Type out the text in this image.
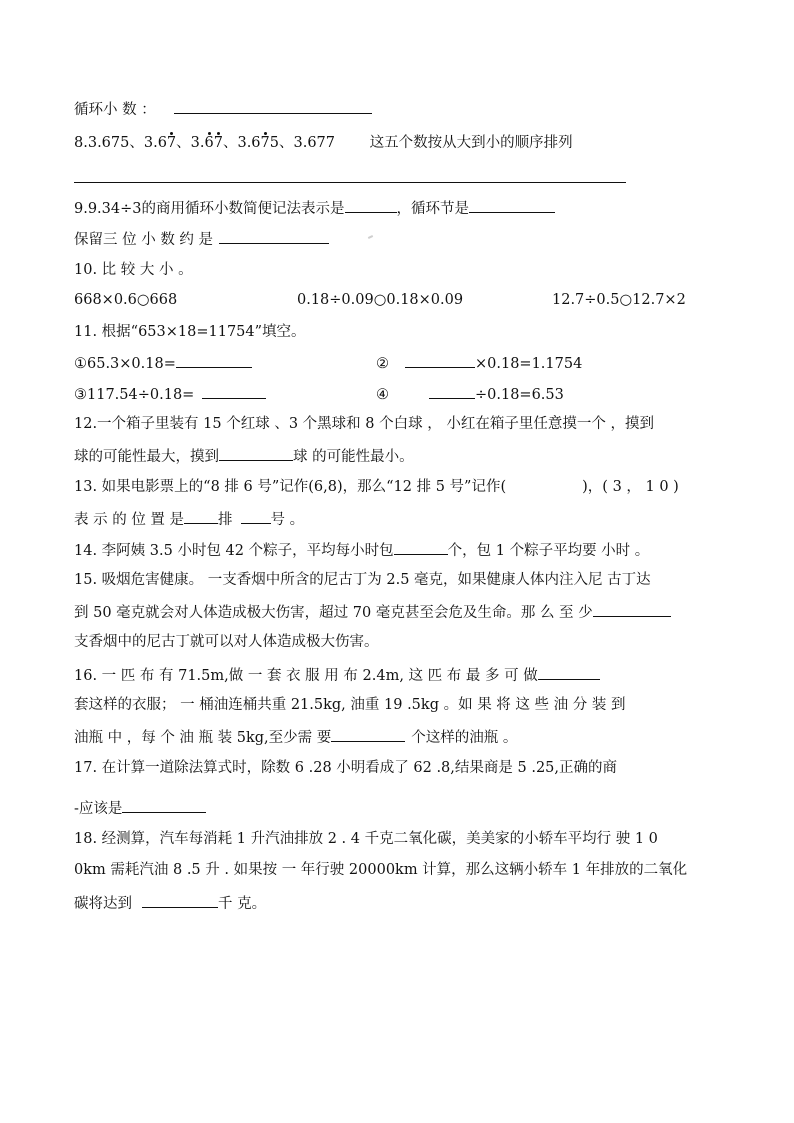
循环小 数 ：
8.3.675、3.67、3.67、3.675、3.677 这五个数按从大到小的顺序排列
9.9.34÷3的商用循环小数简便记法表示是	，循环节是
保留三 位 小 数 约 是
10. 比 较 大 小 。
668×0.6○668	0.18÷0.09○0.18×0.09	12.7÷0.5○12.7×2
11. 根据“653×18=11754”填空。
①65.3×0.18=	②	×0.18=1.1754
③117.54÷0.18=	④	÷0.18=6.53
12.一个箱子里装有 15 个红球 、3 个黑球和 8 个白球 ， 小红在箱子里任意摸一个 ，摸到
球的可能性最大，摸到	球 的可能性最小。
13. 如果电影票上的“8 排 6 号”记作(6,8)，那么“12 排 5 号”记作(	)，( 3 ， 1 0 )
表 示 的 位 置 是 排	号 。
14. 李阿姨 3.5 小时包 42 个粽子，平均每小时包	个，包 1 个粽子平均要 小时 。
15. 吸烟危害健康。 一支香烟中所含的尼古丁为 2.5 毫克，如果健康人体内注入尼 古丁达
到 50 毫克就会对人体造成极大伤害，超过 70 毫克甚至会危及生命。那 么 至 少
支香烟中的尼古丁就可以对人体造成极大伤害。
16. 一 匹 布 有 71.5m,做 一 套 衣 服 用 布 2.4m, 这 匹 布 最 多 可 做
套这样的衣服； 一 桶油连桶共重 21.5kg, 油重 19 .5kg 。如 果 将 这 些 油 分 装 到
油瓶 中 ，每 个 油 瓶 装 5kg,至少需 要	个这样的油瓶 。
17. 在计算一道除法算式时，除数 6 .28 小明看成了 62 .8,结果商是 5 .25,正确的商
-应该是
18. 经测算，汽车每消耗 1 升汽油排放 2 . 4 千克二氧化碳，美美家的小轿车平均行 驶 1 0
0km 需耗汽油 8 .5 升 . 如果按 一 年行驶 20000km 计算，那么这辆小轿车 1 年排放的二氧化
碳将达到	千 克。
